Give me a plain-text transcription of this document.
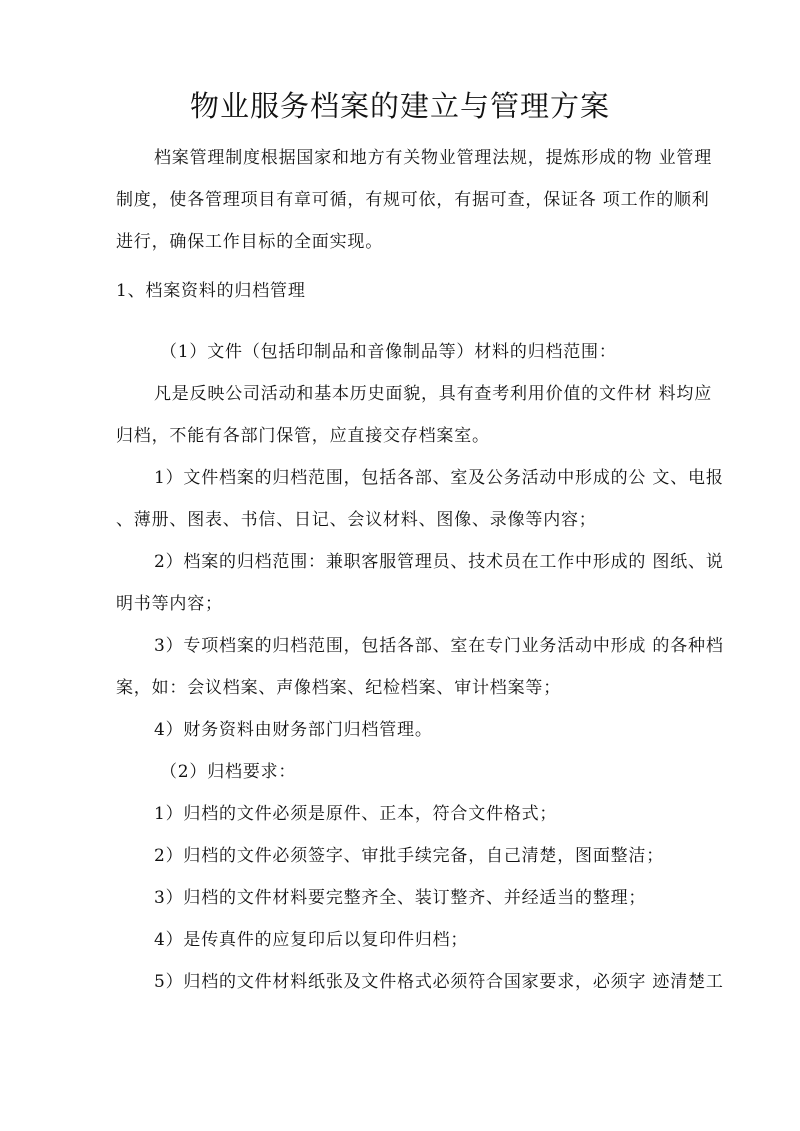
物业服务档案的建立与管理方案
档案管理制度根据国家和地方有关物业管理法规，提炼形成的物 业管理
制度，使各管理项目有章可循，有规可依，有据可查，保证各 项工作的顺利
进行，确保工作目标的全面实现。
1、档案资料的归档管理
（1）文件（包括印制品和音像制品等）材料的归档范围：
凡是反映公司活动和基本历史面貌，具有查考利用价值的文件材 料均应
归档，不能有各部门保管，应直接交存档案室。
1）文件档案的归档范围，包括各部、室及公务活动中形成的公 文、电报
、薄册、图表、书信、日记、会议材料、图像、录像等内容；
2）档案的归档范围：兼职客服管理员、技术员在工作中形成的 图纸、说
明书等内容；
3）专项档案的归档范围，包括各部、室在专门业务活动中形成 的各种档
案，如：会议档案、声像档案、纪检档案、审计档案等；
4）财务资料由财务部门归档管理。
（2）归档要求：
1）归档的文件必须是原件、正本，符合文件格式；
2）归档的文件必须签字、审批手续完备，自己清楚，图面整洁；
3）归档的文件材料要完整齐全、装订整齐、并经适当的整理；
4）是传真件的应复印后以复印件归档；
5）归档的文件材料纸张及文件格式必须符合国家要求，必须字 迹清楚工
